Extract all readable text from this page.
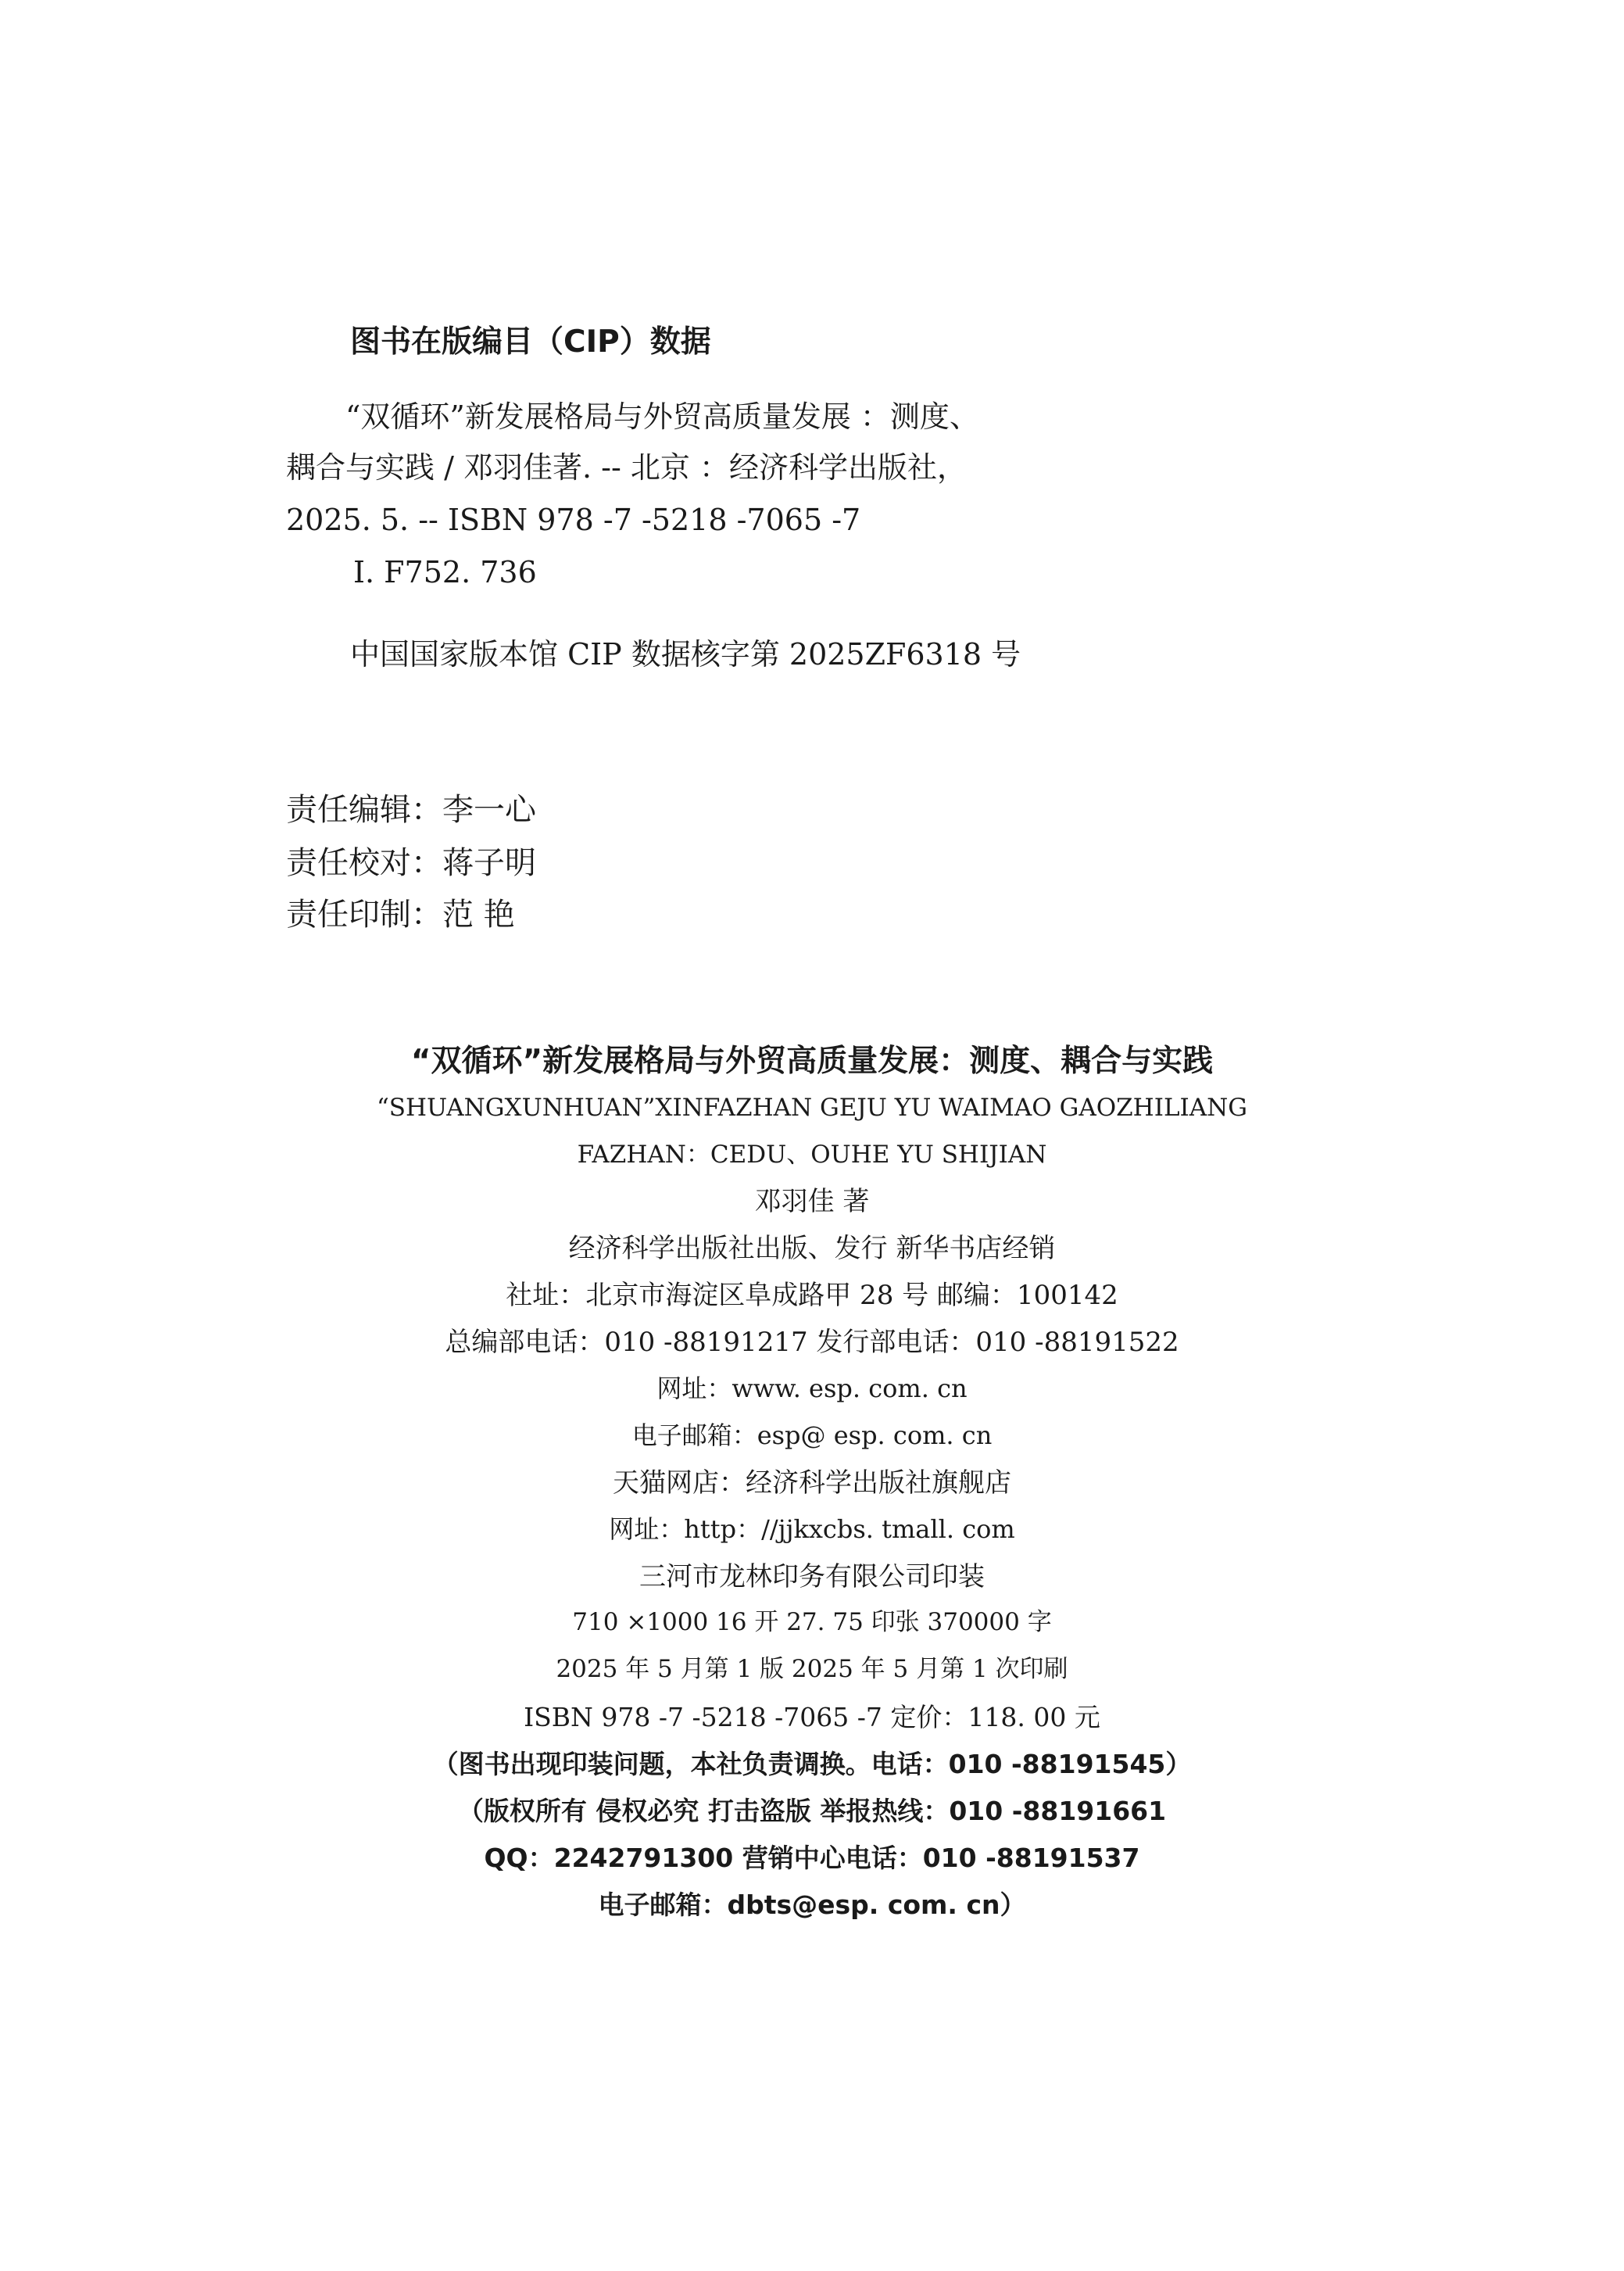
图书在版编目（CIP）数据
“双循环”新发展格局与外贸高质量发展 ：测度、
耦合与实践 / 邓羽佳著. -- 北京 ：经济科学出版社，
2025. 5. -- ISBN 978 -7 -5218 -7065 -7
Ⅰ. F752. 736
中国国家版本馆 CIP 数据核字第 2025ZF6318 号
责任编辑：李一心
责任校对：蒋子明
责任印制：范 艳
“双循环”新发展格局与外贸高质量发展：测度、耦合与实践
“SHUANGXUNHUAN”XINFAZHAN GEJU YU WAIMAO GAOZHILIANG
FAZHAN：CEDU、OUHE YU SHIJIAN
邓羽佳 著
经济科学出版社出版、发行 新华书店经销
社址：北京市海淀区阜成路甲 28 号 邮编：100142
总编部电话：010 -88191217 发行部电话：010 -88191522
网址：www. esp. com. cn
电子邮箱：esp@ esp. com. cn
天猫网店：经济科学出版社旗舰店
网址：http：//jjkxcbs. tmall. com
三河市龙林印务有限公司印装
710 ×1000 16 开 27. 75 印张 370000 字
2025 年 5 月第 1 版 2025 年 5 月第 1 次印刷
ISBN 978 -7 -5218 -7065 -7 定价：118. 00 元
（图书出现印装问题，本社负责调换。电话：010 -88191545）
（版权所有 侵权必究 打击盗版 举报热线：010 -88191661
QQ：2242791300 营销中心电话：010 -88191537
电子邮箱：dbts@esp. com. cn）
